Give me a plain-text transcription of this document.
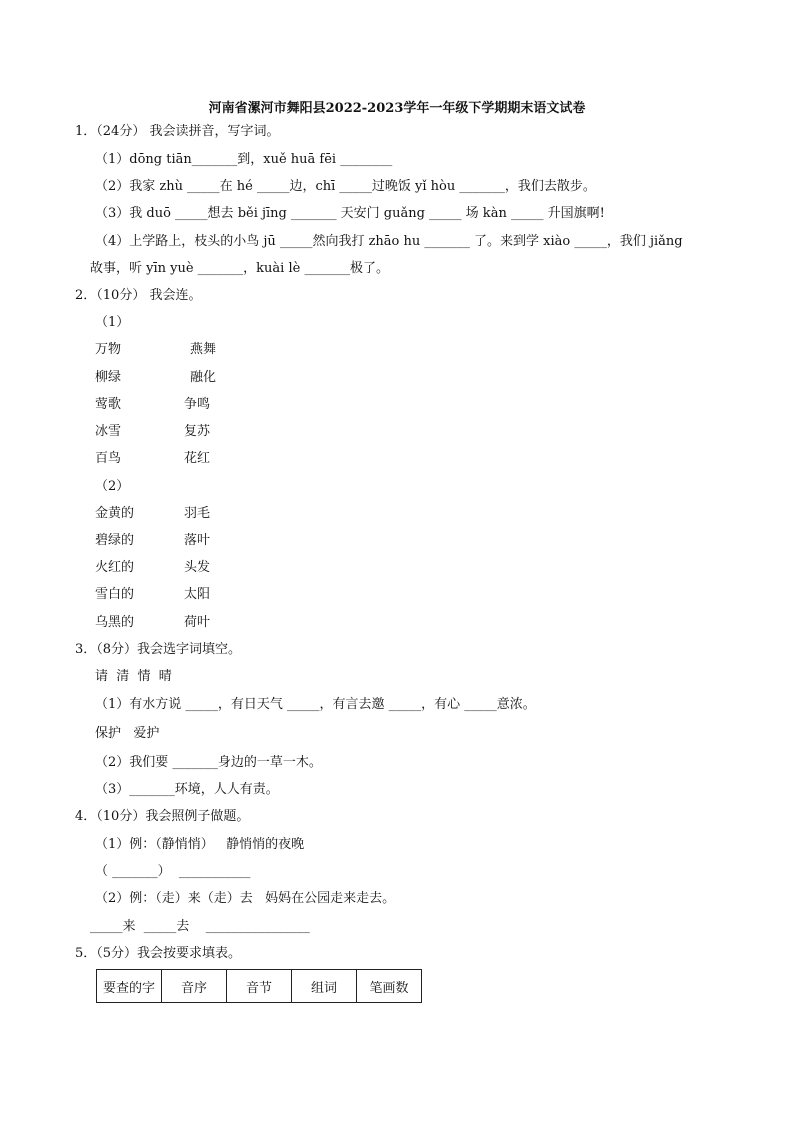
河南省漯河市舞阳县2022-2023学年一年级下学期期末语文试卷
1．（24分） 我会读拼音，写字词。
（1）dōng tiān_______到，xuě huā fēi ________
（2）我家 zhù _____在 hé _____边，chī _____过晚饭 yǐ hòu _______，我们去散步。
（3）我 duō _____想去 běi jīng _______ 天安门 guǎng _____ 场 kàn _____ 升国旗啊!
（4）上学路上，枝头的小鸟 jū _____然向我打 zhāo hu _______ 了。来到学 xiào _____，我们 jiǎng
故事，听 yīn yuè _______，kuài lè _______极了。
2．（10分） 我会连。
（1）
万物	燕舞
柳绿	融化
莺歌	争鸣
冰雪	复苏
百鸟	花红
（2）
金黄的	羽毛
碧绿的	落叶
火红的	头发
雪白的	太阳
乌黑的	荷叶
3．（8分）我会选字词填空。
请  清  情  晴
（1）有水方说 _____，有日天气 _____，有言去邀 _____，有心 _____意浓。
保护   爱护
（2）我们要 _______身边的一草一木。
（3）_______环境，人人有责。
4．（10分）我会照例子做题。
（1）例：（静悄悄）   静悄悄的夜晚
（ _______）  ___________
（2）例：（走）来（走）去   妈妈在公园走来走去。
_____来  _____去    ________________
5．（5分）我会按要求填表。
要查的字	音序	音节	组词	笔画数
